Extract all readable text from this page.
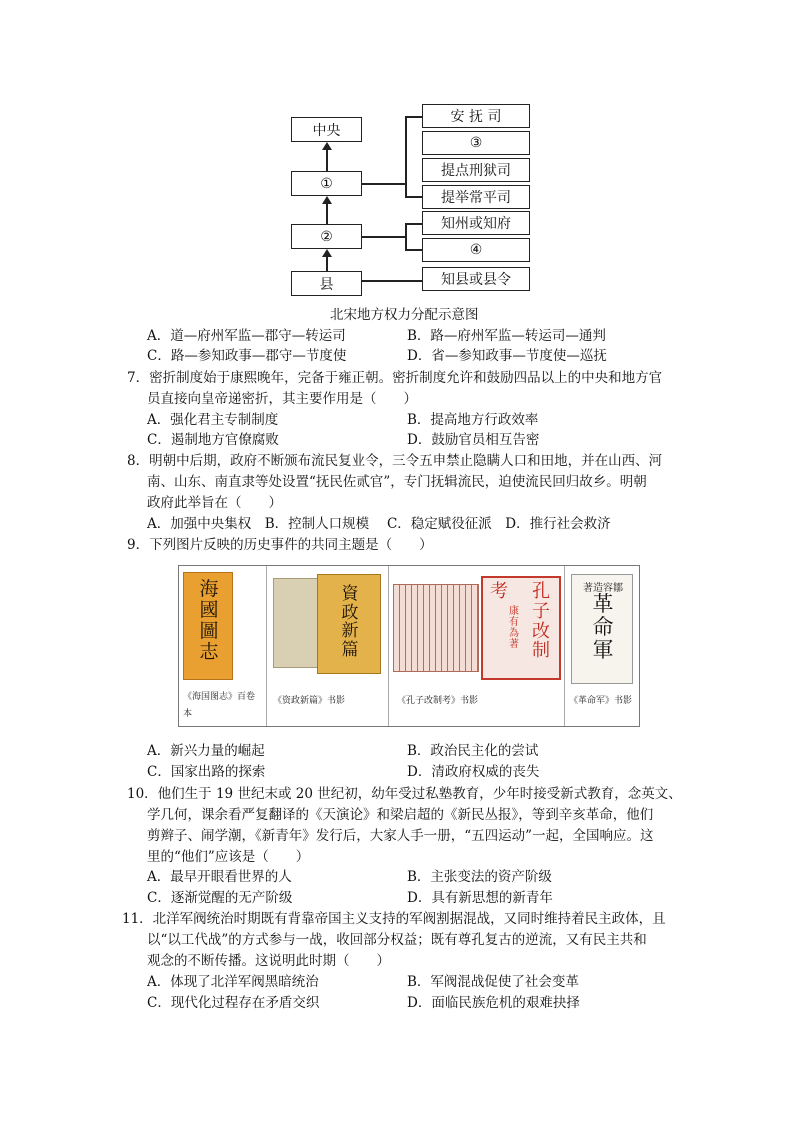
中央
①
②
县
安 抚 司
③
提点刑狱司
提举常平司
知州或知府
④
知县或县令
北宋地方权力分配示意图
A．道—府州军监—郡守—转运司	B．路—府州军监—转运司—通判
C．路—参知政事—郡守—节度使	D．省—参知政事—节度使—巡抚
7．密折制度始于康熙晚年，完备于雍正朝。密折制度允许和鼓励四品以上的中央和地方官
员直接向皇帝递密折，其主要作用是（　　）
A．强化君主专制制度	B．提高地方行政效率
C．遏制地方官僚腐败	D．鼓励官员相互告密
8．明朝中后期，政府不断颁布流民复业令，三令五申禁止隐瞒人口和田地，并在山西、河
南、山东、南直隶等处设置“抚民佐贰官”，专门抚辑流民，迫使流民回归故乡。明朝
政府此举旨在（　　）
A．加强中央集权　B．控制人口规模　 C．稳定赋役征派　D．推行社会救济
9．下列图片反映的历史事件的共同主题是（　　）
海
國
圖
志
《海国图志》百卷
本
資
政
新
篇
《资政新篇》书影
孔
子
改
制
考
康
有
為
著
《孔子改制考》书影
著造容鄒
革
命
軍
《革命军》书影
A．新兴力量的崛起	B．政治民主化的尝试
C．国家出路的探索	D．清政府权威的丧失
10．他们生于 19 世纪末或 20 世纪初，幼年受过私塾教育，少年时接受新式教育，念英文、
学几何，课余看严复翻译的《天演论》和梁启超的《新民丛报》，等到辛亥革命，他们
剪辫子、闹学潮，《新青年》发行后，大家人手一册，“五四运动”一起，全国响应。这
里的“他们”应该是（　　）
A．最早开眼看世界的人	B．主张变法的资产阶级
C．逐渐觉醒的无产阶级	D．具有新思想的新青年
11．北洋军阀统治时期既有背靠帝国主义支持的军阀割据混战，又同时维持着民主政体，且
以“以工代战”的方式参与一战，收回部分权益；既有尊孔复古的逆流，又有民主共和
观念的不断传播。这说明此时期（　　）
A．体现了北洋军阀黑暗统治	B．军阀混战促使了社会变革
C．现代化过程存在矛盾交织	D．面临民族危机的艰难抉择
